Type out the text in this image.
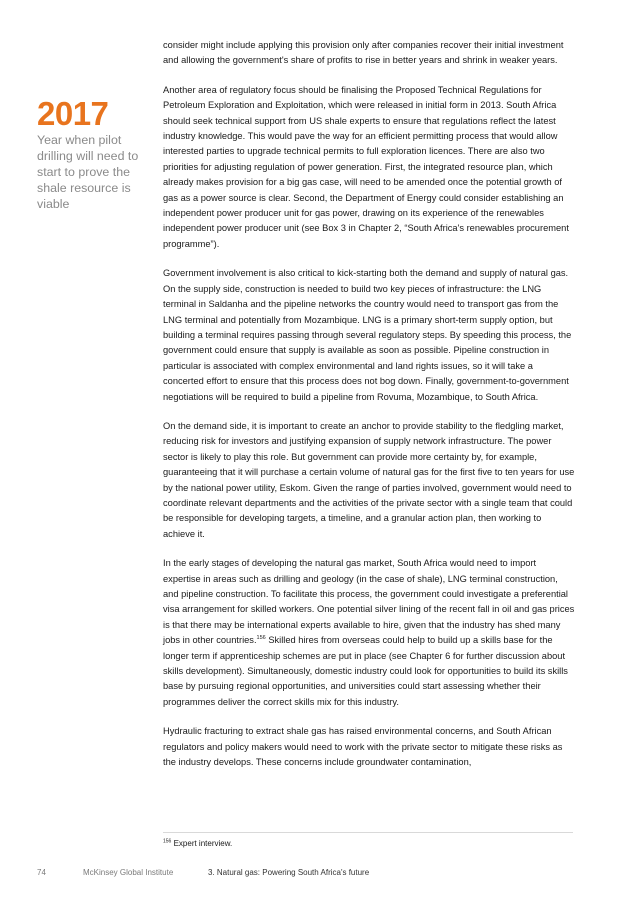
2017
Year when pilot drilling will need to start to prove the shale resource is viable

consider might include applying this provision only after companies recover their initial investment and allowing the government's share of profits to rise in better years and shrink in weaker years.

Another area of regulatory focus should be finalising the Proposed Technical Regulations for Petroleum Exploration and Exploitation, which were released in initial form in 2013. South Africa should seek technical support from US shale experts to ensure that regulations reflect the latest industry knowledge. This would pave the way for an efficient permitting process that would allow interested parties to upgrade technical permits to full exploration licences. There are also two priorities for adjusting regulation of power generation. First, the integrated resource plan, which already makes provision for a big gas case, will need to be amended once the potential growth of gas as a power source is clear. Second, the Department of Energy could consider establishing an independent power producer unit for gas power, drawing on its experience of the renewables independent power producer unit (see Box 3 in Chapter 2, “South Africa's renewables procurement programme”).

Government involvement is also critical to kick-starting both the demand and supply of natural gas. On the supply side, construction is needed to build two key pieces of infrastructure: the LNG terminal in Saldanha and the pipeline networks the country would need to transport gas from the LNG terminal and potentially from Mozambique. LNG is a primary short-term supply option, but building a terminal requires passing through several regulatory steps. By speeding this process, the government could ensure that supply is available as soon as possible. Pipeline construction in particular is associated with complex environmental and land rights issues, so it will take a concerted effort to ensure that this process does not bog down. Finally, government-to-government negotiations will be required to build a pipeline from Rovuma, Mozambique, to South Africa.

On the demand side, it is important to create an anchor to provide stability to the fledgling market, reducing risk for investors and justifying expansion of supply network infrastructure. The power sector is likely to play this role. But government can provide more certainty by, for example, guaranteeing that it will purchase a certain volume of natural gas for the first five to ten years for use by the national power utility, Eskom. Given the range of parties involved, government would need to coordinate relevant departments and the activities of the private sector with a single team that could be responsible for developing targets, a timeline, and a granular action plan, then working to achieve it.

In the early stages of developing the natural gas market, South Africa would need to import expertise in areas such as drilling and geology (in the case of shale), LNG terminal construction, and pipeline construction. To facilitate this process, the government could investigate a preferential visa arrangement for skilled workers. One potential silver lining of the recent fall in oil and gas prices is that there may be international experts available to hire, given that the industry has shed many jobs in other countries.$^{156}$ Skilled hires from overseas could help to build up a skills base for the longer term if apprenticeship schemes are put in place (see Chapter 6 for further discussion about skills development). Simultaneously, domestic industry could look for opportunities to build its skills base by pursuing regional opportunities, and universities could start assessing whether their programmes deliver the correct skills mix for this industry.

Hydraulic fracturing to extract shale gas has raised environmental concerns, and South African regulators and policy makers would need to work with the private sector to mitigate these risks as the industry develops. These concerns include groundwater contamination,

$^{156}$ Expert interview.
74	McKinsey Global Institute	3. Natural gas: Powering South Africa's future
